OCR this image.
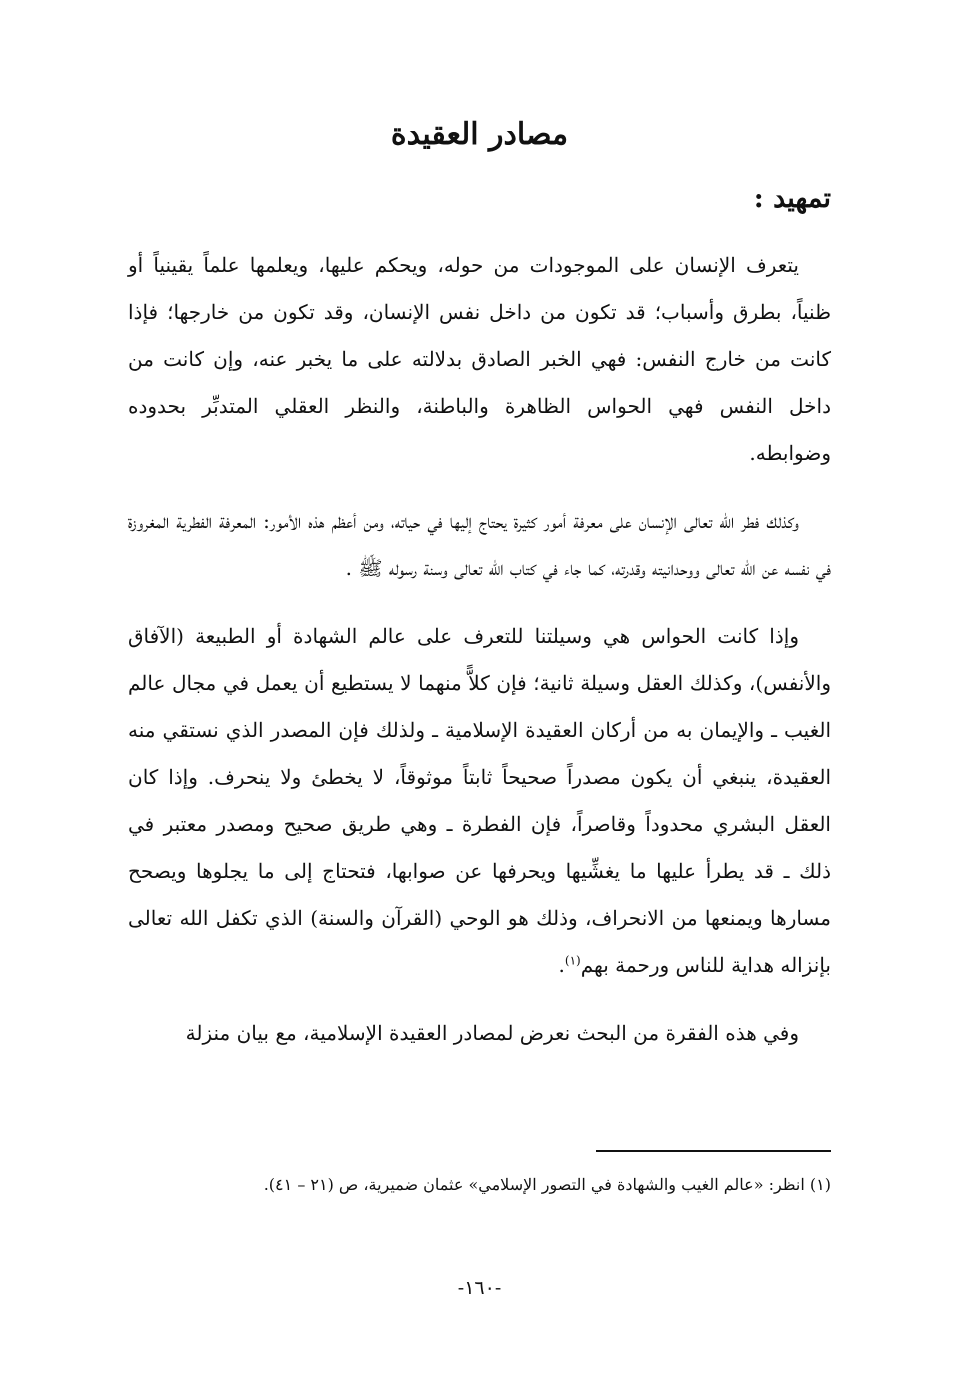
مصادر العقيدة
تمهيد :

يتعرف الإنسان على الموجودات من حوله، ويحكم عليها، ويعلمها علماً يقينياً أو ظنياً، بطرق وأسباب؛ قد تكون من داخل نفس الإنسان، وقد تكون من خارجها؛ فإذا كانت من خارج النفس: فهي الخبر الصادق بدلالته على ما يخبر عنه، وإن كانت من داخل النفس فهي الحواس الظاهرة والباطنة، والنظر العقلي المتدبِّر بحدوده وضوابطه.

وكذلك فطر الله تعالى الإنسان على معرفة أمور كثيرة يحتاج إليها في حياته، ومن أعظم هذه الأمور: المعرفة الفطرية المغروزة في نفسه عن الله تعالى ووحدانيته وقدرته، كما جاء في كتاب الله تعالى وسنة رسوله ﷺ .

وإذا كانت الحواس هي وسيلتنا للتعرف على عالم الشهادة أو الطبيعة (الآفاق والأنفس)، وكذلك العقل وسيلة ثانية؛ فإن كلاًّ منهما لا يستطيع أن يعمل في مجال عالم الغيب ـ والإيمان به من أركان العقيدة الإسلامية ـ ولذلك فإن المصدر الذي نستقي منه العقيدة، ينبغي أن يكون مصدراً صحيحاً ثابتاً موثوقاً، لا يخطئ ولا ينحرف. وإذا كان العقل البشري محدوداً وقاصراً، فإن الفطرة ـ وهي طريق صحيح ومصدر معتبر في ذلك ـ قد يطرأ عليها ما يغشِّيها ويحرفها عن صوابها، فتحتاج إلى ما يجلوها ويصحح مسارها ويمنعها من الانحراف، وذلك هو الوحي (القرآن والسنة) الذي تكفل الله تعالى بإنزاله هداية للناس ورحمة بهم$^{(١)}$.

وفي هذه الفقرة من البحث نعرض لمصادر العقيدة الإسلامية، مع بيان منزلة

(١) انظر: «عالم الغيب والشهادة في التصور الإسلامي» عثمان ضميرية، ص (٢١ – ٤١).

-١٦٠-
